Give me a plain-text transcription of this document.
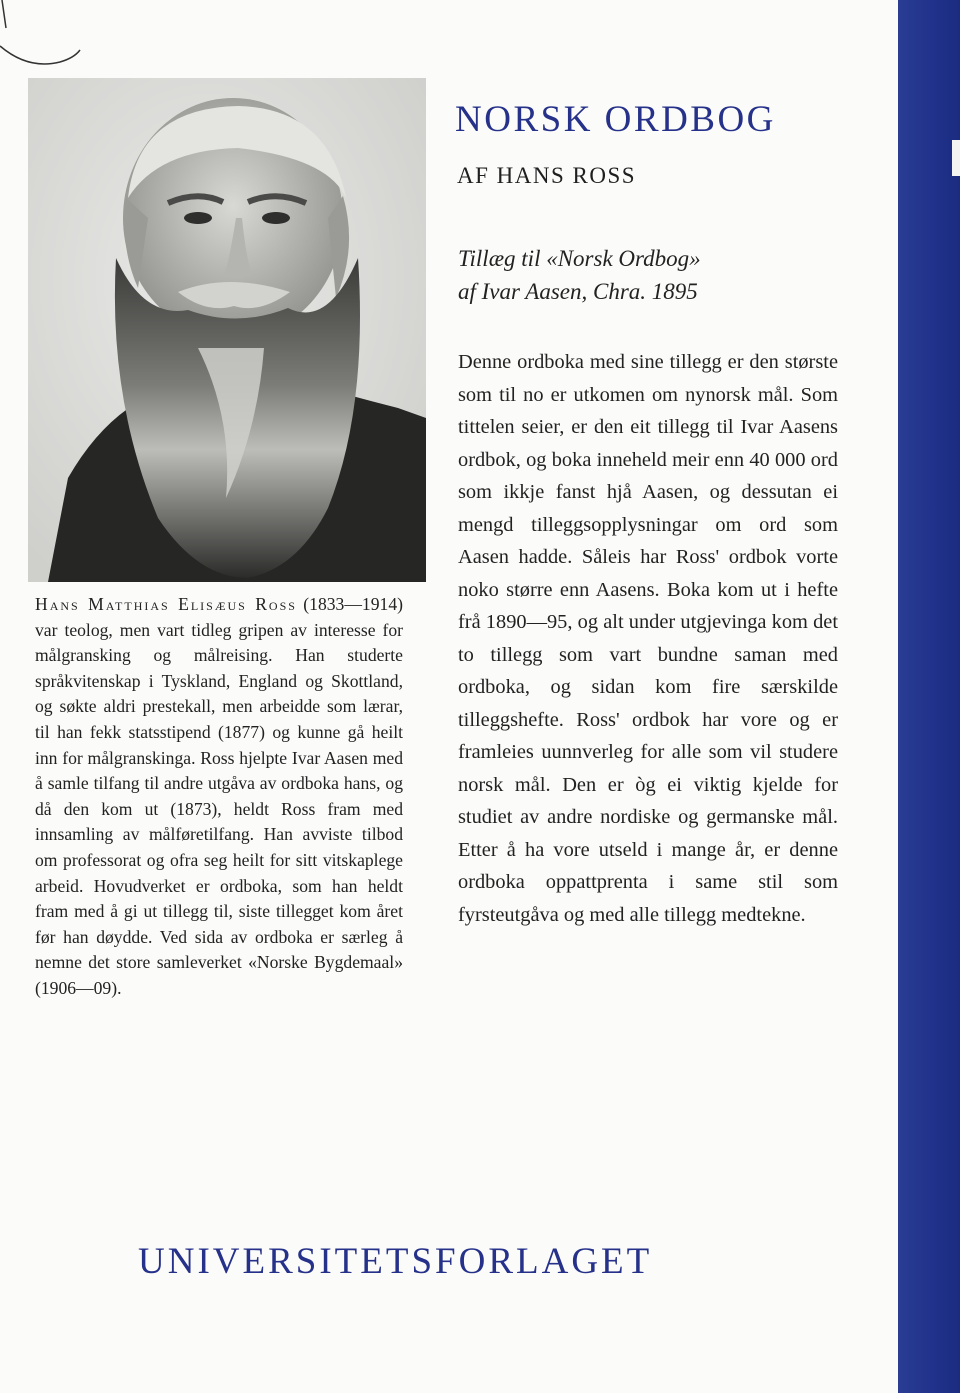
NORSK ORDBOG
AF HANS ROSS
Tillæg til «Norsk Ordbog»
af Ivar Aasen, Chra. 1895
Hans Matthias Elisæus Ross (1833—1914) var teolog, men vart tidleg gripen av interesse for målgransking og målreising. Han studerte språkvitenskap i Tyskland, England og Skottland, og søkte aldri prestekall, men arbeidde som lærar, til han fekk statsstipend (1877) og kunne gå heilt inn for målgranskinga. Ross hjelpte Ivar Aasen med å samle tilfang til andre utgåva av ordboka hans, og då den kom ut (1873), heldt Ross fram med innsamling av målføretilfang. Han avviste tilbod om professorat og ofra seg heilt for sitt vitskaplege arbeid. Hovudverket er ordboka, som han heldt fram med å gi ut tillegg til, siste tillegget kom året før han døydde. Ved sida av ordboka er særleg å nemne det store samleverket «Norske Bygdemaal» (1906—09).
Denne ordboka med sine tillegg er den største som til no er utkomen om nynorsk mål. Som tittelen seier, er den eit tillegg til Ivar Aasens ordbok, og boka inneheld meir enn 40 000 ord som ikkje fanst hjå Aasen, og dessutan ei mengd tilleggsopplysningar om ord som Aasen hadde. Såleis har Ross' ordbok vorte noko større enn Aasens. Boka kom ut i hefte frå 1890—95, og alt under utgjevinga kom det to tillegg som vart bundne saman med ordboka, og sidan kom fire særskilde tilleggshefte. Ross' ordbok har vore og er framleies uunnverleg for alle som vil studere norsk mål. Den er òg ei viktig kjelde for studiet av andre nordiske og germanske mål. Etter å ha vore utseld i mange år, er denne ordboka oppattprenta i same stil som fyrsteutgåva og med alle tillegg medtekne.
UNIVERSITETSFORLAGET
